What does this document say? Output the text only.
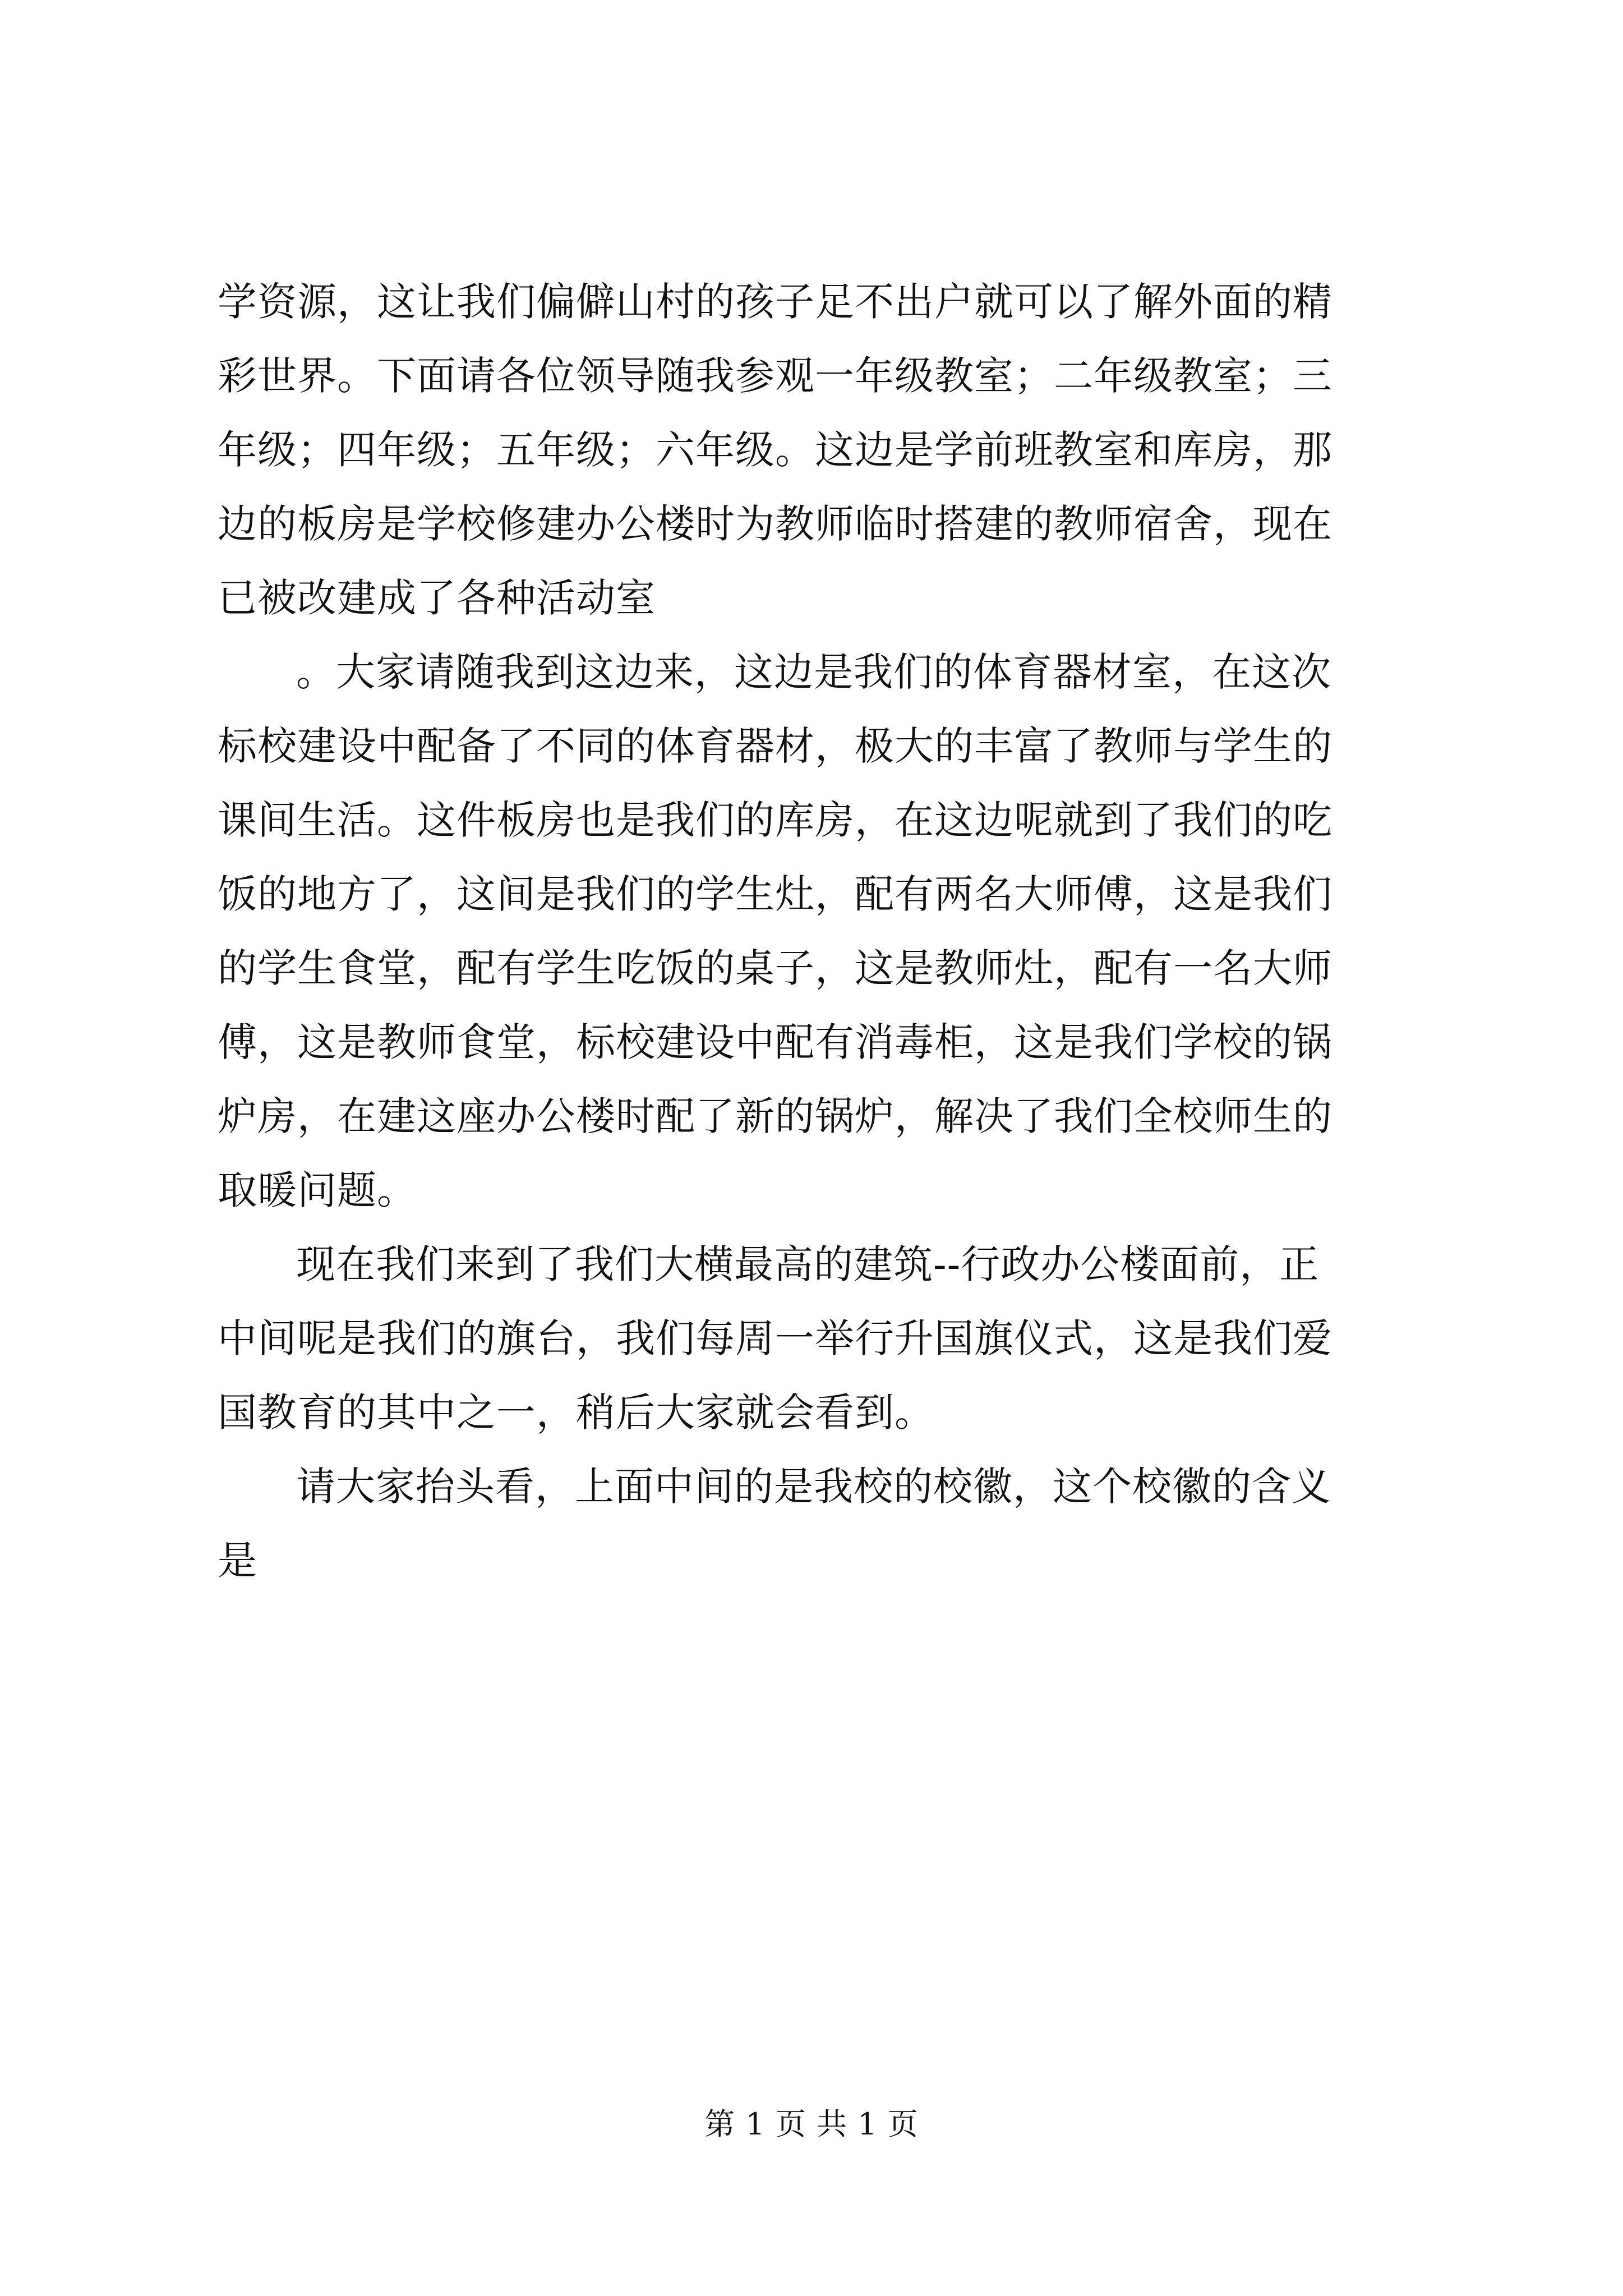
学资源，这让我们偏僻山村的孩子足不出户就可以了解外面的精
彩世界。下面请各位领导随我参观一年级教室；二年级教室；三
年级；四年级；五年级；六年级。这边是学前班教室和库房，那
边的板房是学校修建办公楼时为教师临时搭建的教师宿舍，现在
已被改建成了各种活动室
。大家请随我到这边来，这边是我们的体育器材室，在这次
标校建设中配备了不同的体育器材，极大的丰富了教师与学生的
课间生活。这件板房也是我们的库房，在这边呢就到了我们的吃
饭的地方了，这间是我们的学生灶，配有两名大师傅，这是我们
的学生食堂，配有学生吃饭的桌子，这是教师灶，配有一名大师
傅，这是教师食堂，标校建设中配有消毒柜，这是我们学校的锅
炉房，在建这座办公楼时配了新的锅炉，解决了我们全校师生的
取暖问题。
现在我们来到了我们大横最高的建筑--行政办公楼面前，正
中间呢是我们的旗台，我们每周一举行升国旗仪式，这是我们爱
国教育的其中之一，稍后大家就会看到。
请大家抬头看，上面中间的是我校的校徽，这个校徽的含义
是
第 1 页 共 1 页
